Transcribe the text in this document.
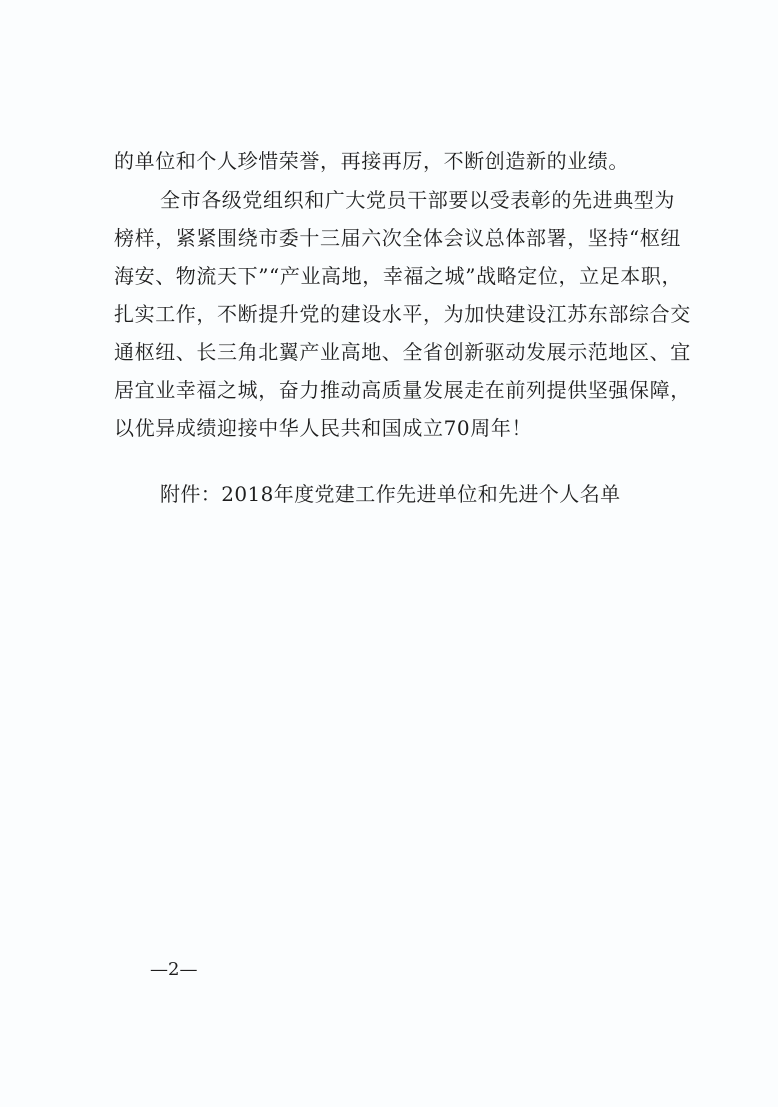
的单位和个人珍惜荣誉，再接再厉，不断创造新的业绩。
全市各级党组织和广大党员干部要以受表彰的先进典型为
榜样，紧紧围绕市委十三届六次全体会议总体部署，坚持“枢纽
海安、物流天下”“产业高地，幸福之城”战略定位，立足本职，
扎实工作，不断提升党的建设水平，为加快建设江苏东部综合交
通枢纽、长三角北翼产业高地、全省创新驱动发展示范地区、宜
居宜业幸福之城，奋力推动高质量发展走在前列提供坚强保障，
以优异成绩迎接中华人民共和国成立70周年！
附件：2018年度党建工作先进单位和先进个人名单
—2—
